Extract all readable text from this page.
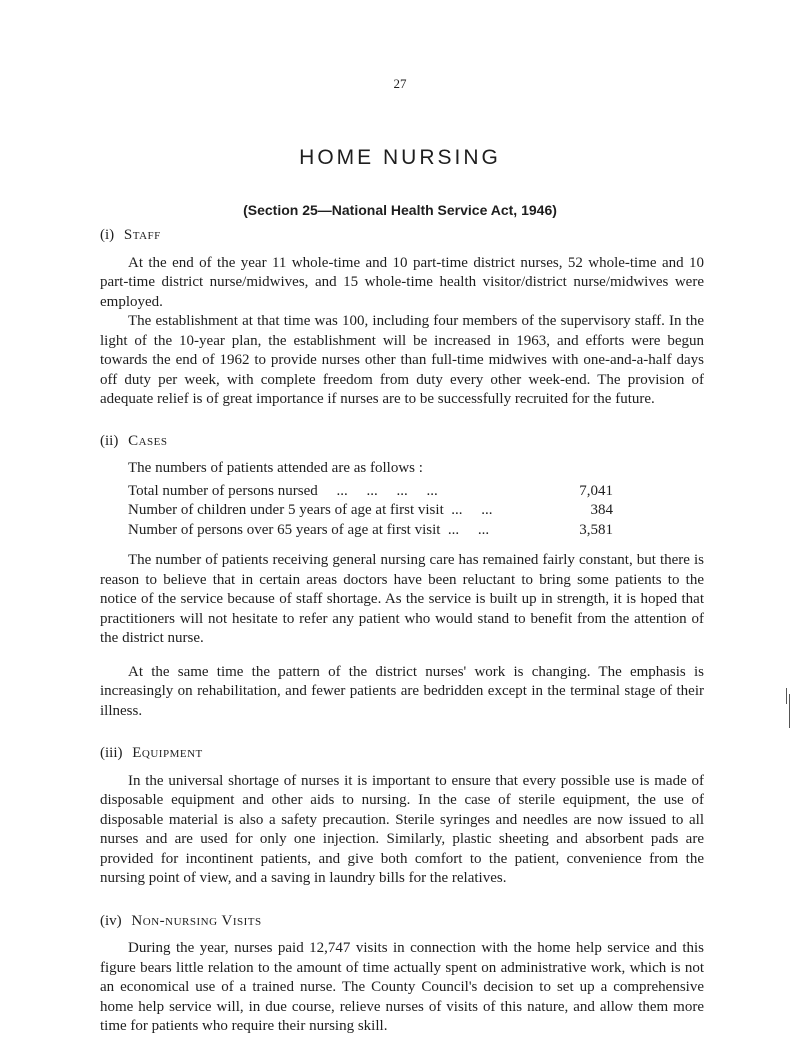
27
HOME NURSING
(Section 25—National Health Service Act, 1946)
(i) Staff

At the end of the year 11 whole-time and 10 part-time district nurses, 52 whole-time and 10 part-time district nurse/midwives, and 15 whole-time health visitor/district nurse/midwives were employed.

The establishment at that time was 100, including four members of the supervisory staff. In the light of the 10-year plan, the establishment will be increased in 1963, and efforts were begun towards the end of 1962 to provide nurses other than full-time midwives with one-and-a-half days off duty per week, with complete freedom from duty every other week-end. The provision of adequate relief is of great importance if nurses are to be successfully recruited for the future.

(ii) Cases

The numbers of patients attended are as follows :

Total number of persons nursed     ...     ...     ...     ...	7,041
Number of children under 5 years of age at first visit  ...     ...	384
Number of persons over 65 years of age at first visit  ...     ...	3,581

The number of patients receiving general nursing care has remained fairly constant, but there is reason to believe that in certain areas doctors have been reluctant to bring some patients to the notice of the service because of staff shortage. As the service is built up in strength, it is hoped that practitioners will not hesitate to refer any patient who would stand to benefit from the attention of the district nurse.

At the same time the pattern of the district nurses' work is changing. The emphasis is increasingly on rehabilitation, and fewer patients are bedridden except in the terminal stage of their illness.

(iii) Equipment

In the universal shortage of nurses it is important to ensure that every possible use is made of disposable equipment and other aids to nursing. In the case of sterile equipment, the use of disposable material is also a safety precaution. Sterile syringes and needles are now issued to all nurses and are used for only one injection. Similarly, plastic sheeting and absorbent pads are provided for incontinent patients, and give both comfort to the patient, convenience from the nursing point of view, and a saving in laundry bills for the relatives.

(iv) Non-nursing Visits

During the year, nurses paid 12,747 visits in connection with the home help service and this figure bears little relation to the amount of time actually spent on administrative work, which is not an economical use of a trained nurse. The County Council's decision to set up a comprehensive home help service will, in due course, relieve nurses of visits of this nature, and allow them more time for patients who require their nursing skill.
